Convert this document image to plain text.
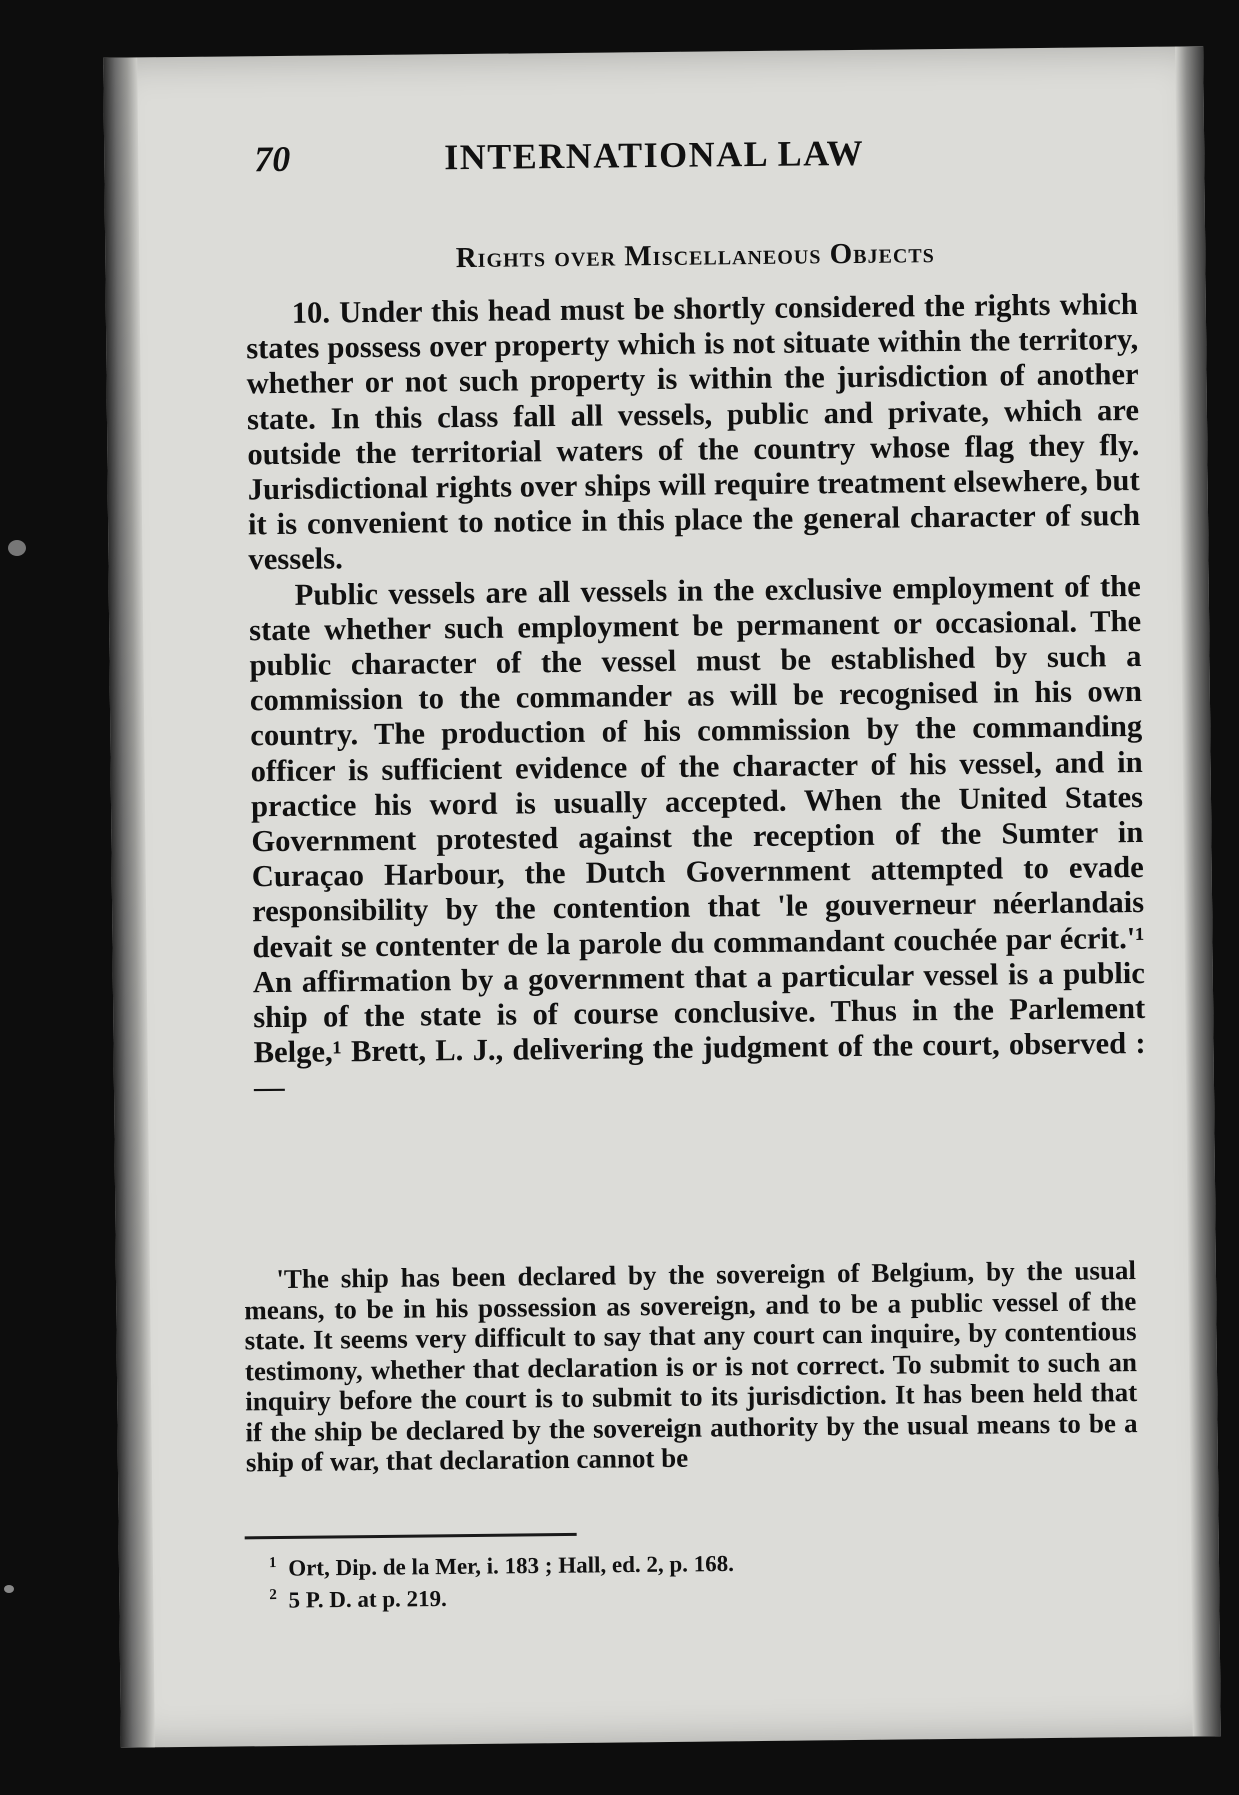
70	INTERNATIONAL LAW
Rights over Miscellaneous Objects

10. Under this head must be shortly considered the rights which states possess over property which is not situate within the territory, whether or not such property is within the jurisdiction of another state. In this class fall all vessels, public and private, which are outside the territorial waters of the country whose flag they fly. Jurisdictional rights over ships will require treatment elsewhere, but it is convenient to notice in this place the general character of such vessels.

Public vessels are all vessels in the exclusive employment of the state whether such employment be permanent or occasional. The public character of the vessel must be established by such a commission to the commander as will be recognised in his own country. The production of his commission by the commanding officer is sufficient evidence of the character of his vessel, and in practice his word is usually accepted. When the United States Government protested against the reception of the Sumter in Curaçao Harbour, the Dutch Government attempted to evade responsibility by the contention that 'le gouverneur néerlandais devait se contenter de la parole du commandant couchée par écrit.'¹ An affirmation by a government that a particular vessel is a public ship of the state is of course conclusive. Thus in the Parlement Belge,¹ Brett, L. J., delivering the judgment of the court, observed :—

'The ship has been declared by the sovereign of Belgium, by the usual means, to be in his possession as sovereign, and to be a public vessel of the state. It seems very difficult to say that any court can inquire, by contentious testimony, whether that declaration is or is not correct. To submit to such an inquiry before the court is to submit to its jurisdiction. It has been held that if the ship be declared by the sovereign authority by the usual means to be a ship of war, that declaration cannot be

$^1$ Ort, Dip. de la Mer, i. 183 ; Hall, ed. 2, p. 168.
$^2$ 5 P. D. at p. 219.
